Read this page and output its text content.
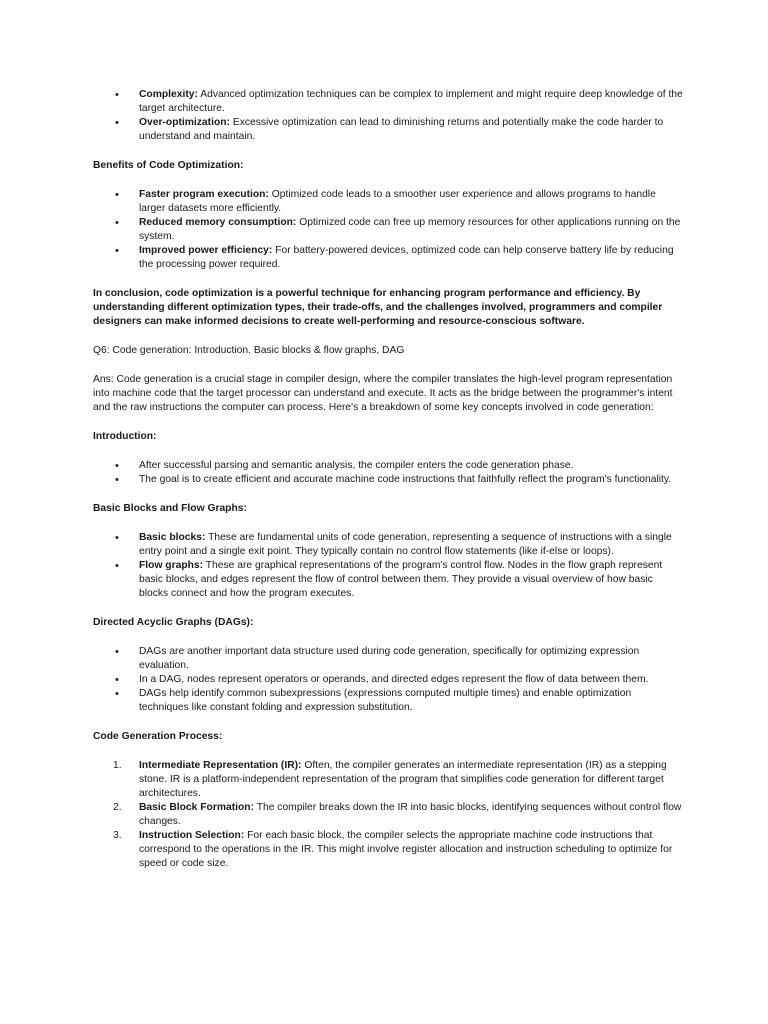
• Complexity: Advanced optimization techniques can be complex to implement and might require deep knowledge of the target architecture.
• Over-optimization: Excessive optimization can lead to diminishing returns and potentially make the code harder to understand and maintain.

Benefits of Code Optimization:

• Faster program execution: Optimized code leads to a smoother user experience and allows programs to handle larger datasets more efficiently.
• Reduced memory consumption: Optimized code can free up memory resources for other applications running on the system.
• Improved power efficiency: For battery-powered devices, optimized code can help conserve battery life by reducing the processing power required.

In conclusion, code optimization is a powerful technique for enhancing program performance and efficiency. By understanding different optimization types, their trade-offs, and the challenges involved, programmers and compiler designers can make informed decisions to create well-performing and resource-conscious software.

Q6: Code generation: Introduction. Basic blocks & flow graphs, DAG

Ans: Code generation is a crucial stage in compiler design, where the compiler translates the high-level program representation into machine code that the target processor can understand and execute. It acts as the bridge between the programmer's intent and the raw instructions the computer can process. Here's a breakdown of some key concepts involved in code generation:

Introduction:

• After successful parsing and semantic analysis, the compiler enters the code generation phase.
• The goal is to create efficient and accurate machine code instructions that faithfully reflect the program's functionality.

Basic Blocks and Flow Graphs:

• Basic blocks: These are fundamental units of code generation, representing a sequence of instructions with a single entry point and a single exit point. They typically contain no control flow statements (like if-else or loops).
• Flow graphs: These are graphical representations of the program's control flow. Nodes in the flow graph represent basic blocks, and edges represent the flow of control between them. They provide a visual overview of how basic blocks connect and how the program executes.

Directed Acyclic Graphs (DAGs):

• DAGs are another important data structure used during code generation, specifically for optimizing expression evaluation.
• In a DAG, nodes represent operators or operands, and directed edges represent the flow of data between them.
• DAGs help identify common subexpressions (expressions computed multiple times) and enable optimization techniques like constant folding and expression substitution.

Code Generation Process:

1. Intermediate Representation (IR): Often, the compiler generates an intermediate representation (IR) as a stepping stone. IR is a platform-independent representation of the program that simplifies code generation for different target architectures.
2. Basic Block Formation: The compiler breaks down the IR into basic blocks, identifying sequences without control flow changes.
3. Instruction Selection: For each basic block, the compiler selects the appropriate machine code instructions that correspond to the operations in the IR. This might involve register allocation and instruction scheduling to optimize for speed or code size.
